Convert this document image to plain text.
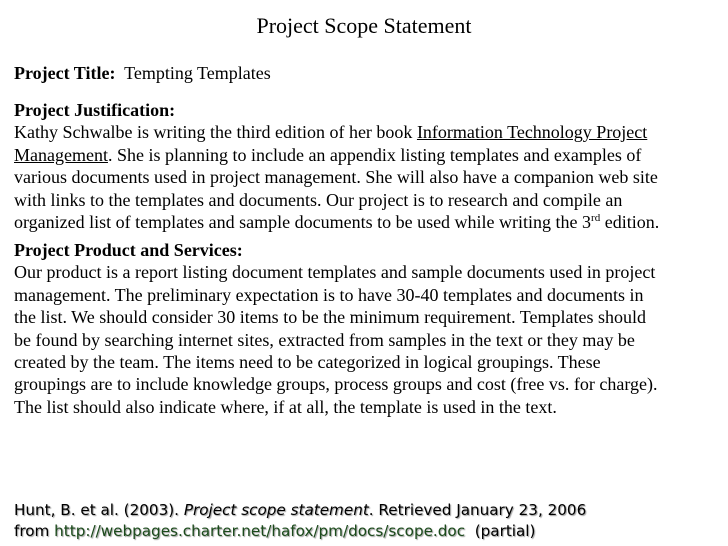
Project Scope Statement
Project Title: Tempting Templates
Project Justification:
Kathy Schwalbe is writing the third edition of her book Information Technology Project
Management. She is planning to include an appendix listing templates and examples of
various documents used in project management. She will also have a companion web site
with links to the templates and documents. Our project is to research and compile an
organized list of templates and sample documents to be used while writing the 3rd edition.
Project Product and Services:
Our product is a report listing document templates and sample documents used in project
management. The preliminary expectation is to have 30-40 templates and documents in
the list. We should consider 30 items to be the minimum requirement. Templates should
be found by searching internet sites, extracted from samples in the text or they may be
created by the team. The items need to be categorized in logical groupings. These
groupings are to include knowledge groups, process groups and cost (free vs. for charge).
The list should also indicate where, if at all, the template is used in the text.
Hunt, B. et al. (2003). Project scope statement. Retrieved January 23, 2006
from http://webpages.charter.net/hafox/pm/docs/scope.doc (partial)
